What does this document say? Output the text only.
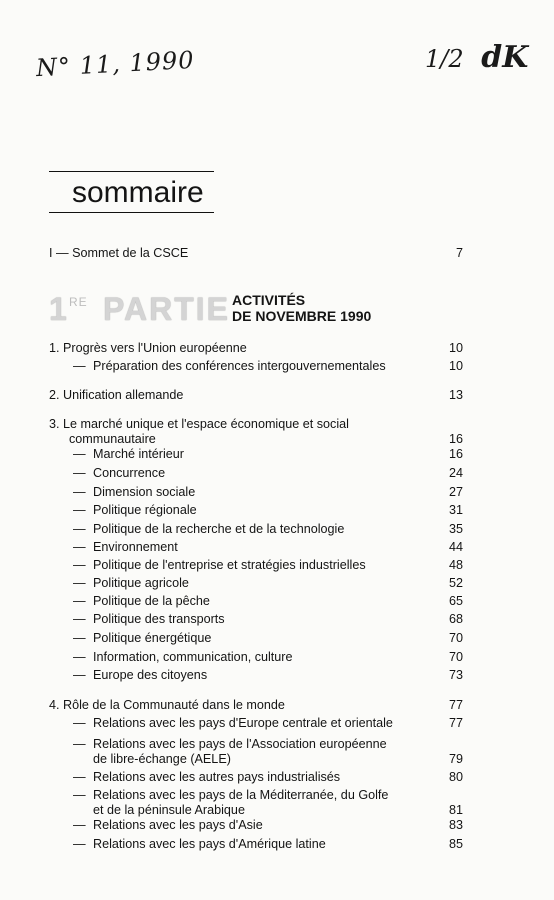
N° 11, 1990	1/2 dK
sommaire
I — Sommet de la CSCE	7
1 RE PARTIE ACTIVITÉS
DE NOVEMBRE 1990
1. Progrès vers l'Union européenne	10
— Préparation des conférences intergouvernementales	10
2. Unification allemande	13
3. Le marché unique et l'espace économique et social
communautaire	16
— Marché intérieur	16
— Concurrence	24
— Dimension sociale	27
— Politique régionale	31
— Politique de la recherche et de la technologie	35
— Environnement	44
— Politique de l'entreprise et stratégies industrielles	48
— Politique agricole	52
— Politique de la pêche	65
— Politique des transports	68
— Politique énergétique	70
— Information, communication, culture	70
— Europe des citoyens	73
4. Rôle de la Communauté dans le monde	77
— Relations avec les pays d'Europe centrale et orientale	77
— Relations avec les pays de l'Association européenne
de libre-échange (AELE)	79
— Relations avec les autres pays industrialisés	80
— Relations avec les pays de la Méditerranée, du Golfe
et de la péninsule Arabique	81
— Relations avec les pays d'Asie	83
— Relations avec les pays d'Amérique latine	85
